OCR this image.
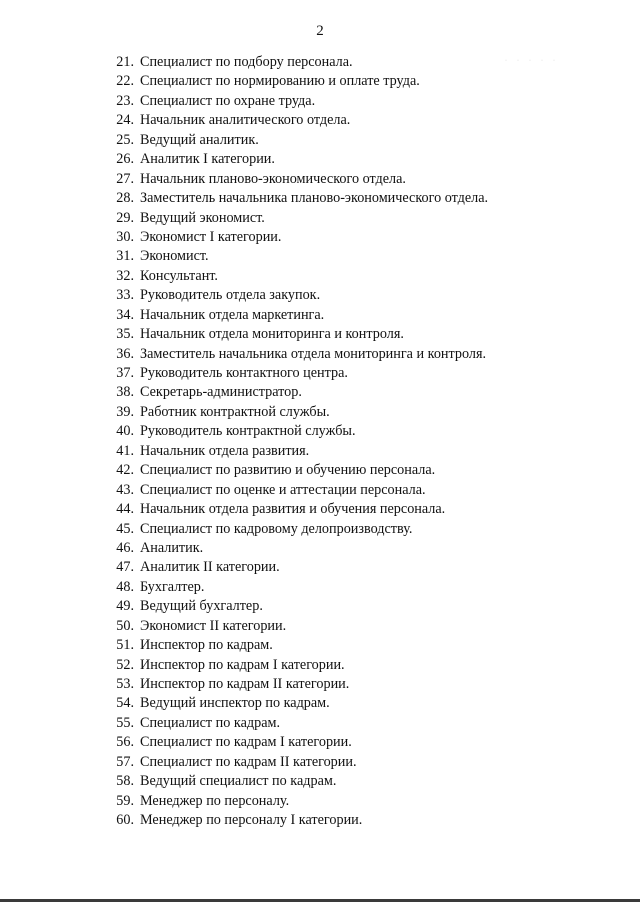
2
·····
21. Специалист по подбору персонала.
22. Специалист по нормированию и оплате труда.
23. Специалист по охране труда.
24. Начальник аналитического отдела.
25. Ведущий аналитик.
26. Аналитик I категории.
27. Начальник планово-экономического отдела.
28. Заместитель начальника планово-экономического отдела.
29. Ведущий экономист.
30. Экономист I категории.
31. Экономист.
32. Консультант.
33. Руководитель отдела закупок.
34. Начальник отдела маркетинга.
35. Начальник отдела мониторинга и контроля.
36. Заместитель начальника отдела мониторинга и контроля.
37. Руководитель контактного центра.
38. Секретарь-администратор.
39. Работник контрактной службы.
40. Руководитель контрактной службы.
41. Начальник отдела развития.
42. Специалист по развитию и обучению персонала.
43. Специалист по оценке и аттестации персонала.
44. Начальник отдела развития и обучения персонала.
45. Специалист по кадровому делопроизводству.
46. Аналитик.
47. Аналитик II категории.
48. Бухгалтер.
49. Ведущий бухгалтер.
50. Экономист II категории.
51. Инспектор по кадрам.
52. Инспектор по кадрам I категории.
53. Инспектор по кадрам II категории.
54. Ведущий инспектор по кадрам.
55. Специалист по кадрам.
56. Специалист по кадрам I категории.
57. Специалист по кадрам II категории.
58. Ведущий специалист по кадрам.
59. Менеджер по персоналу.
60. Менеджер по персоналу I категории.
